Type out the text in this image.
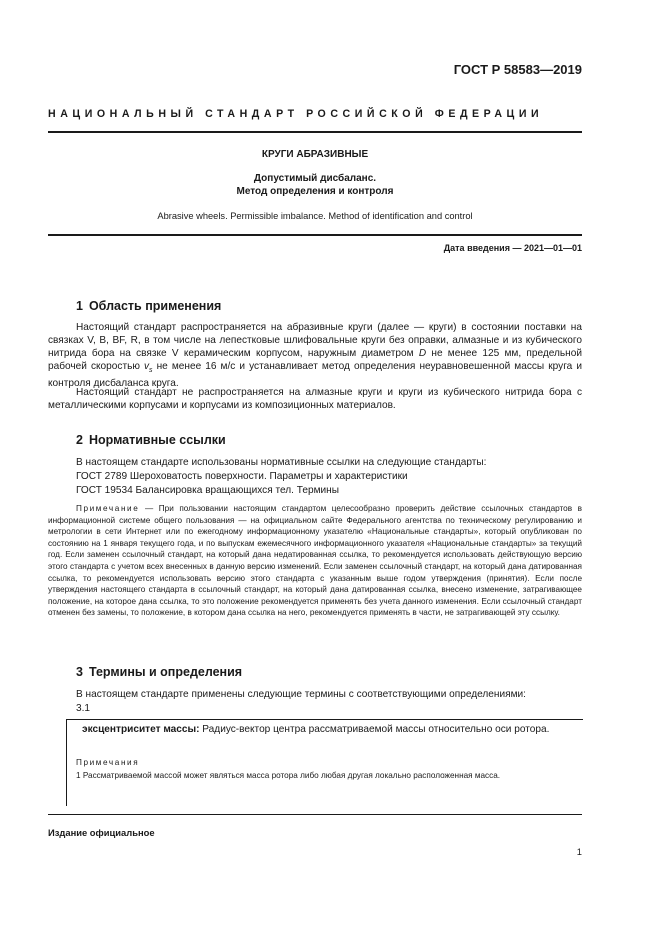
ГОСТ Р 58583—2019
НАЦИОНАЛЬНЫЙ СТАНДАРТ РОССИЙСКОЙ ФЕДЕРАЦИИ
КРУГИ АБРАЗИВНЫЕ
Допустимый дисбаланс.
Метод определения и контроля
Abrasive wheels. Permissible imbalance. Method of identification and control
Дата введения — 2021—01—01
1 Область применения
Настоящий стандарт распространяется на абразивные круги (далее — круги) в состоянии поставки на связках V, B, BF, R, в том числе на лепестковые шлифовальные круги без оправки, алмазные и из кубического нитрида бора на связке V керамическим корпусом, наружным диаметром D не менее 125 мм, предельной рабочей скоростью $v_s$ не менее 16 м/с и устанавливает метод определения неуравновешенной массы круга и контроля дисбаланса круга.
Настоящий стандарт не распространяется на алмазные круги и круги из кубического нитрида бора с металлическими корпусами и корпусами из композиционных материалов.
2 Нормативные ссылки
В настоящем стандарте использованы нормативные ссылки на следующие стандарты:
ГОСТ 2789 Шероховатость поверхности. Параметры и характеристики
ГОСТ 19534 Балансировка вращающихся тел. Термины
Примечание — При пользовании настоящим стандартом целесообразно проверить действие ссылочных стандартов в информационной системе общего пользования — на официальном сайте Федерального агентства по техническому регулированию и метрологии в сети Интернет или по ежегодному информационному указателю «Национальные стандарты», который опубликован по состоянию на 1 января текущего года, и по выпускам ежемесячного информационного указателя «Национальные стандарты» за текущий год. Если заменен ссылочный стандарт, на который дана недатированная ссылка, то рекомендуется использовать действующую версию этого стандарта с учетом всех внесенных в данную версию изменений. Если заменен ссылочный стандарт, на который дана датированная ссылка, то рекомендуется использовать версию этого стандарта с указанным выше годом утверждения (принятия). Если после утверждения настоящего стандарта в ссылочный стандарт, на который дана датированная ссылка, внесено изменение, затрагивающее положение, на которое дана ссылка, то это положение рекомендуется применять без учета данного изменения. Если ссылочный стандарт отменен без замены, то положение, в котором дана ссылка на него, рекомендуется применять в части, не затрагивающей эту ссылку.
3 Термины и определения
В настоящем стандарте применены следующие термины с соответствующими определениями:
3.1
эксцентриситет массы: Радиус-вектор центра рассматриваемой массы относительно оси ротора.
Примечания
1 Рассматриваемой массой может являться масса ротора либо любая другая локально расположенная масса.
Издание официальное
1
